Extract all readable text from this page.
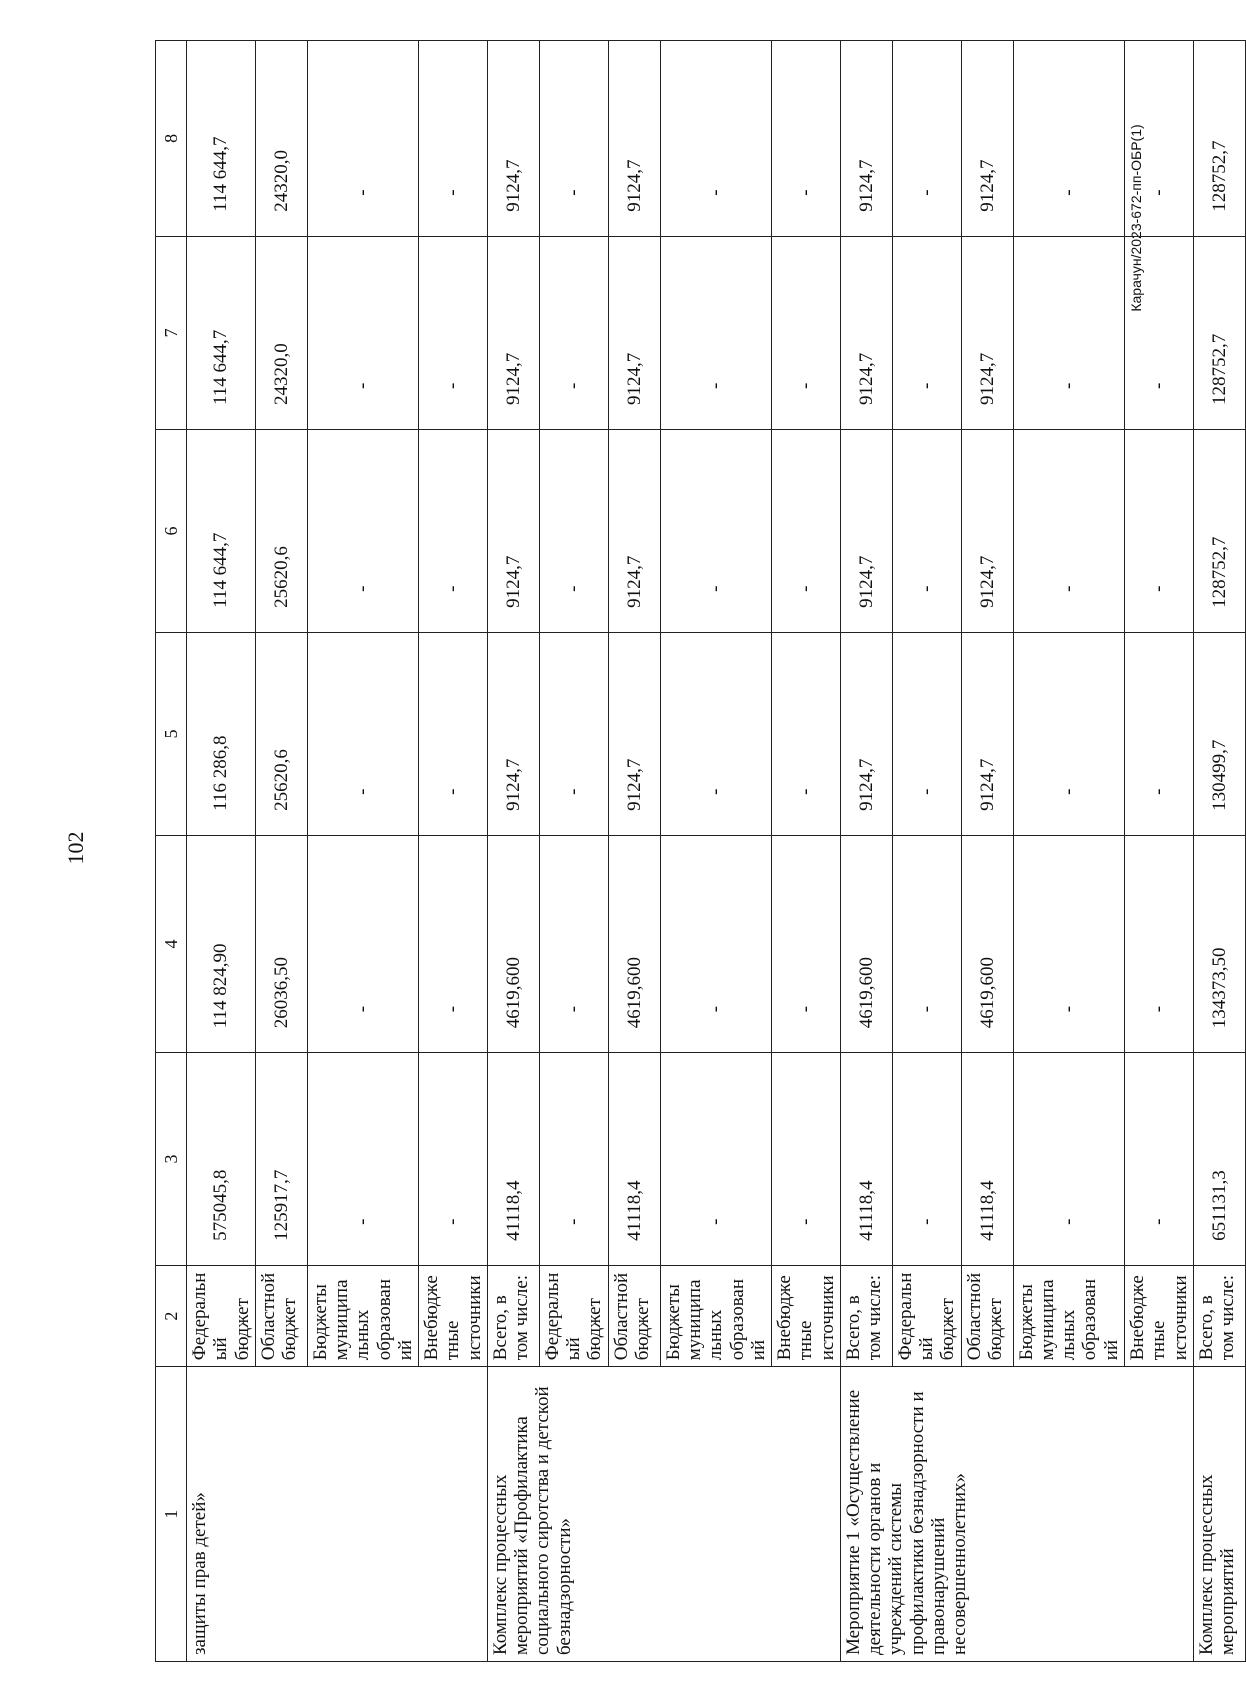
102
Карачун/2023-672-пп-ОБР(1)
1	2	3	4	5	6	7	8
защиты прав детей»	Федеральный бюджет	575045,8	114 824,90	116 286,8	114 644,7	114 644,7	114 644,7
	Областной бюджет	125917,7	26036,50	25620,6	25620,6	24320,0	24320,0
	Бюджеты муниципальных образований	-	-	-	-	-	-
	Внебюджетные источники	-	-	-	-	-	-
Комплекс процессных мероприятий «Профилактика социального сиротства и детской безнадзорности»	Всего, в том числе:	41118,4	4619,600	9124,7	9124,7	9124,7	9124,7
	Федеральный бюджет	-	-	-	-	-	-
	Областной бюджет	41118,4	4619,600	9124,7	9124,7	9124,7	9124,7
	Бюджеты муниципальных образований	-	-	-	-	-	-
	Внебюджетные источники	-	-	-	-	-	-
Мероприятие 1 «Осуществление деятельности органов и учреждений системы профилактики безнадзорности и правонарушений несовершеннолетних»	Всего, в том числе:	41118,4	4619,600	9124,7	9124,7	9124,7	9124,7
	Федеральный бюджет	-	-	-	-	-	-
	Областной бюджет	41118,4	4619,600	9124,7	9124,7	9124,7	9124,7
	Бюджеты муниципальных образований	-	-	-	-	-	-
	Внебюджетные источники	-	-	-	-	-	-
Комплекс процессных мероприятий	Всего, в том числе:	651131,3	134373,50	130499,7	128752,7	128752,7	128752,7
